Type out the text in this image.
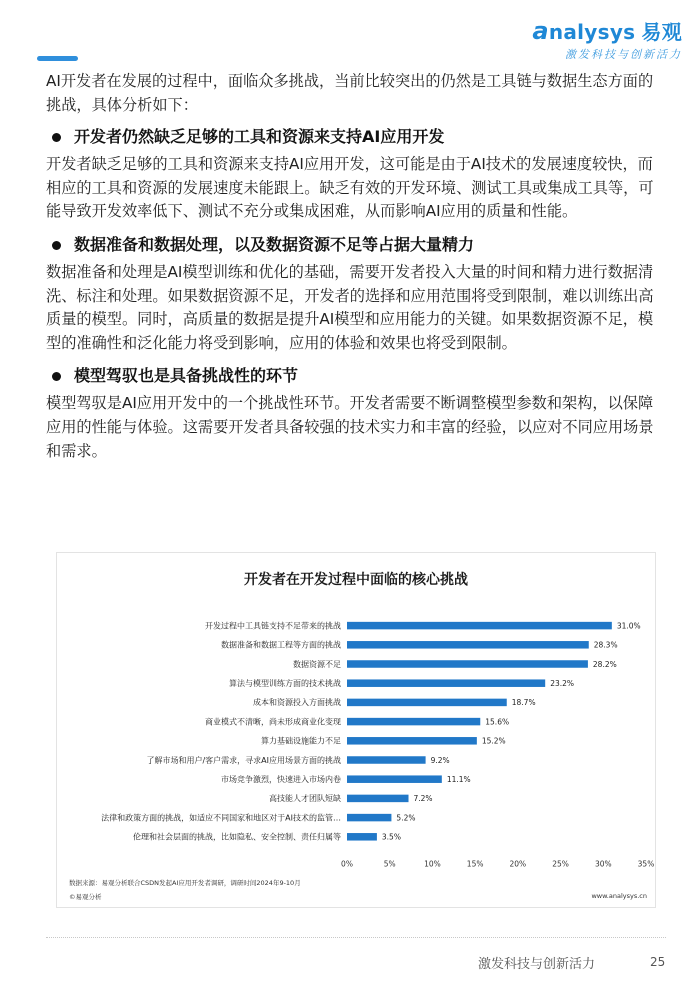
analysys 易观
激发科技与创新活力

AI开发者在发展的过程中，面临众多挑战，当前比较突出的仍然是工具链与数据生态方面的挑战，具体分析如下：

开发者仍然缺乏足够的工具和资源来支持AI应用开发

开发者缺乏足够的工具和资源来支持AI应用开发，这可能是由于AI技术的发展速度较快，而相应的工具和资源的发展速度未能跟上。缺乏有效的开发环境、测试工具或集成工具等，可能导致开发效率低下、测试不充分或集成困难，从而影响AI应用的质量和性能。

数据准备和数据处理，以及数据资源不足等占据大量精力

数据准备和处理是AI模型训练和优化的基础，需要开发者投入大量的时间和精力进行数据清洗、标注和处理。如果数据资源不足，开发者的选择和应用范围将受到限制，难以训练出高质量的模型。同时，高质量的数据是提升AI模型和应用能力的关键。如果数据资源不足，模型的准确性和泛化能力将受到影响，应用的体验和效果也将受到限制。

模型驾驭也是具备挑战性的环节

模型驾驭是AI应用开发中的一个挑战性环节。开发者需要不断调整模型参数和架构，以保障应用的性能与体验。这需要开发者具备较强的技术实力和丰富的经验，以应对不同应用场景和需求。

开发者在开发过程中面临的核心挑战
开发过程中工具链支持不足带来的挑战	31.0%
数据准备和数据工程等方面的挑战	28.3%
数据资源不足	28.2%
算法与模型训练方面的技术挑战	23.2%
成本和资源投入方面挑战	18.7%
商业模式不清晰，尚未形成商业化变现	15.6%
算力基础设施能力不足	15.2%
了解市场和用户/客户需求，寻求AI应用场景方面的挑战	9.2%
市场竞争激烈，快速进入市场内卷	11.1%
高技能人才团队短缺	7.2%
法律和政策方面的挑战，如适应不同国家和地区对于AI技术的监管…	5.2%
伦理和社会层面的挑战，比如隐私、安全控制、责任归属等	3.5%
0%	5%	10%	15%	20%	25%	30%	35%
数据来源：易观分析联合CSDN发起AI应用开发者调研，调研时间2024年9-10月
©易观分析	www.analysys.cn
激发科技与创新活力	25
